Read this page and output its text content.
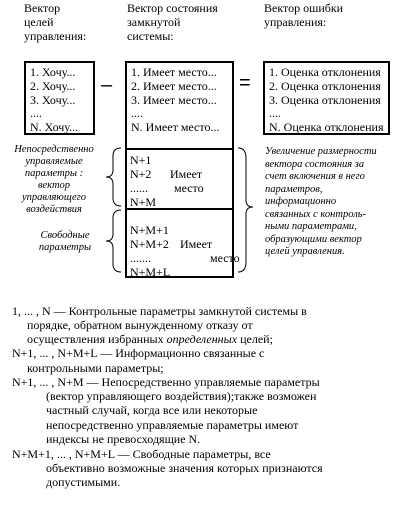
Вектор
целей
управления:
Вектор состояния
замкнутой
системы:
Вектор ошибки
управления:
1. Хочу...
2. Хочу...
3. Хочу...
....
N. Хочу...
–
1. Имеет место...
2. Имеет место...
3. Имеет место...
....
N. Имеет место...
N+1
N+2
......
N+M
Имеет
место
N+M+1
N+M+2
.......
N+M+L
Имеет
место
= 1. Оценка отклонения
2. Оценка отклонения
3. Оценка отклонения
....
N. Оценка отклонения
Непосредственно
управляемые
параметры :
вектор
управляющего
воздействия
Свободные
параметры
Увеличение размерности
вектора состояния за
счет включения в него
параметров,
информационно
связанных с контроль-
ными параметрами,
образующими вектор
целей управления.
1, ... , N — Контрольные параметры замкнутой системы в
порядке, обратном вынужденному отказу от
осуществления избранных определенных целей;
N+1, ... , N+M+L — Информационно связанные с
контрольными параметры;
N+1, ... , N+M — Непосредственно управляемые параметры
(вектор управляющего воздействия);также возможен
частный случай, когда все или некоторые
непосредственно управляемые параметры имеют
индексы не превосходящие N.
N+M+1, ... , N+M+L — Свободные параметры, все
объективно возможные значения которых признаются
допустимыми.
